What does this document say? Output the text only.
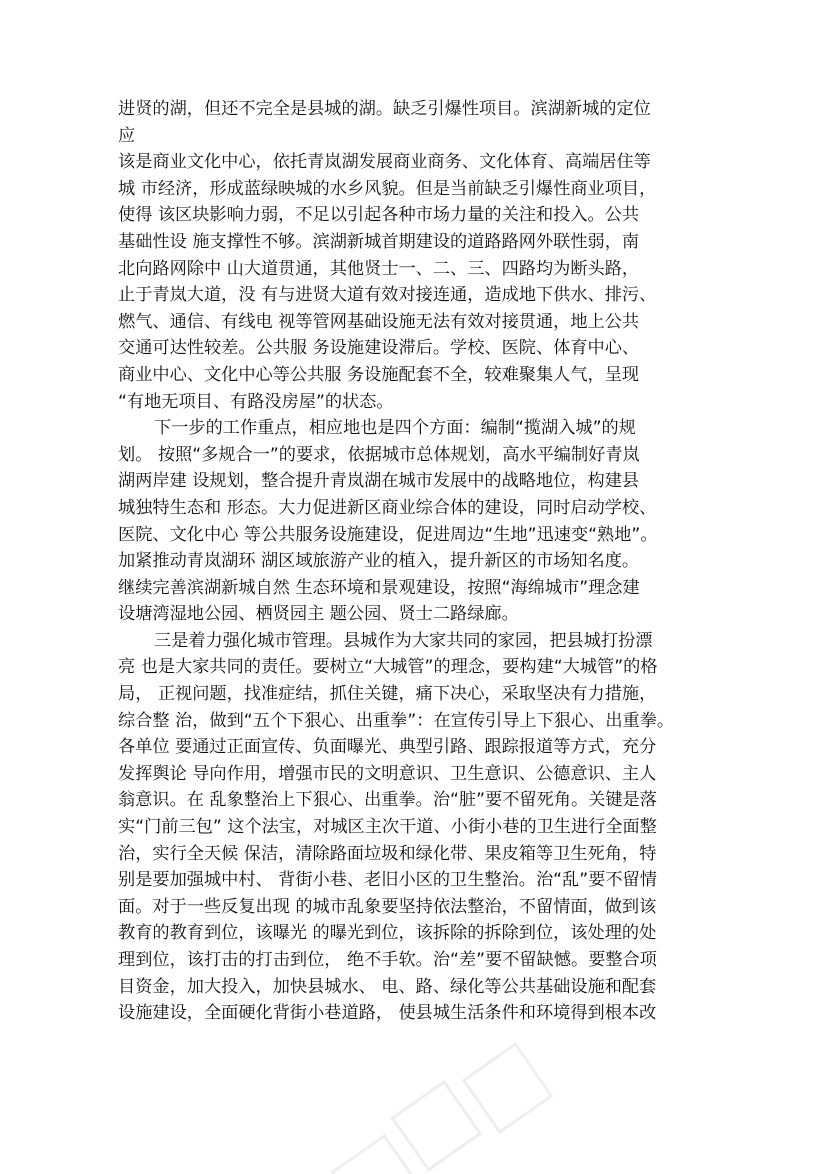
进贤的湖，但还不完全是县城的湖。缺乏引爆性项目。滨湖新城的定位
应
该是商业文化中心，依托青岚湖发展商业商务、文化体育、高端居住等
城 市经济，形成蓝绿映城的水乡风貌。但是当前缺乏引爆性商业项目，
使得 该区块影响力弱，不足以引起各种市场力量的关注和投入。公共
基础性设 施支撑性不够。滨湖新城首期建设的道路路网外联性弱，南
北向路网除中 山大道贯通，其他贤士一、二、三、四路均为断头路，
止于青岚大道，没 有与进贤大道有效对接连通，造成地下供水、排污、
燃气、通信、有线电 视等管网基础设施无法有效对接贯通，地上公共
交通可达性较差。公共服 务设施建设滞后。学校、医院、体育中心、
商业中心、文化中心等公共服 务设施配套不全，较难聚集人气，呈现
“有地无项目、有路没房屋”的状态。
下一步的工作重点，相应地也是四个方面：编制“揽湖入城”的规
划。 按照“多规合一”的要求，依据城市总体规划，高水平编制好青岚
湖两岸建 设规划，整合提升青岚湖在城市发展中的战略地位，构建县
城独特生态和 形态。大力促进新区商业综合体的建设，同时启动学校、
医院、文化中心 等公共服务设施建设，促进周边“生地”迅速变“熟地”。
加紧推动青岚湖环 湖区域旅游产业的植入，提升新区的市场知名度。
继续完善滨湖新城自然 生态环境和景观建设，按照“海绵城市”理念建
设塘湾湿地公园、栖贤园主 题公园、贤士二路绿廊。
三是着力强化城市管理。县城作为大家共同的家园，把县城打扮漂
亮 也是大家共同的责任。要树立“大城管”的理念，要构建“大城管”的格
局， 正视问题，找准症结，抓住关键，痛下决心，采取坚决有力措施，
综合整 治，做到“五个下狠心、出重拳”：在宣传引导上下狠心、出重拳。
各单位 要通过正面宣传、负面曝光、典型引路、跟踪报道等方式，充分
发挥舆论 导向作用，增强市民的文明意识、卫生意识、公德意识、主人
翁意识。在 乱象整治上下狠心、出重拳。治“脏”要不留死角。关键是落
实“门前三包” 这个法宝，对城区主次干道、小街小巷的卫生进行全面整
治，实行全天候 保洁，清除路面垃圾和绿化带、果皮箱等卫生死角，特
别是要加强城中村、 背街小巷、老旧小区的卫生整治。治“乱”要不留情
面。对于一些反复出现 的城市乱象要坚持依法整治，不留情面，做到该
教育的教育到位，该曝光 的曝光到位，该拆除的拆除到位，该处理的处
理到位，该打击的打击到位， 绝不手软。治“差”要不留缺憾。要整合项
目资金，加大投入，加快县城水、 电、路、绿化等公共基础设施和配套
设施建设，全面硬化背街小巷道路， 使县城生活条件和环境得到根本改
